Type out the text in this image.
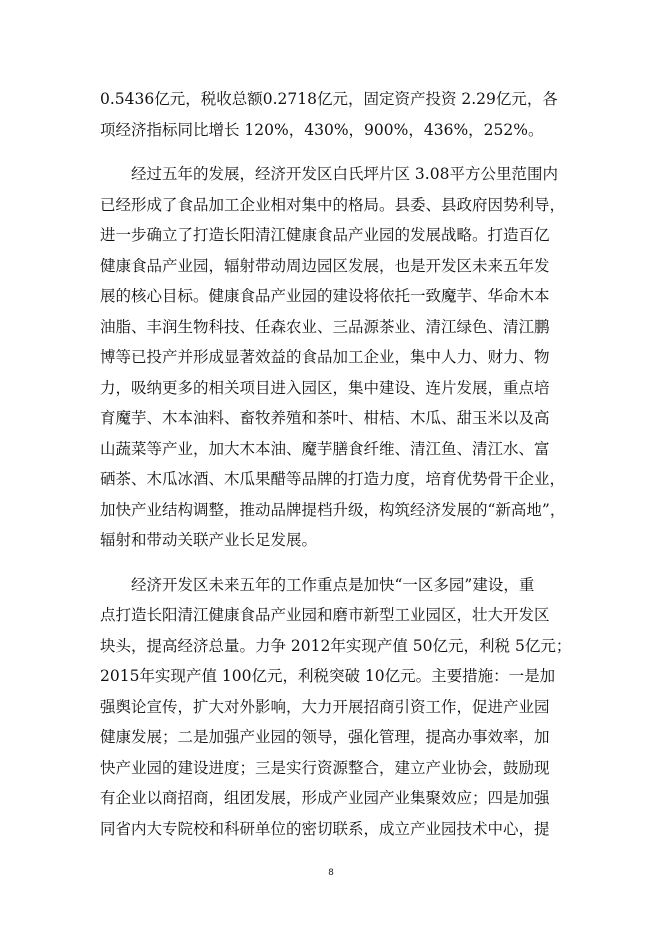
0.5436亿元，税收总额0.2718亿元，固定资产投资 2.29亿元，各
项经济指标同比增长 120%，430%，900%，436%，252%。
经过五年的发展，经济开发区白氏坪片区 3.08平方公里范围内
已经形成了食品加工企业相对集中的格局。县委、县政府因势利导，
进一步确立了打造长阳清江健康食品产业园的发展战略。打造百亿
健康食品产业园，辐射带动周边园区发展，也是开发区未来五年发
展的核心目标。健康食品产业园的建设将依托一致魔芋、华命木本
油脂、丰润生物科技、任森农业、三品源茶业、清江绿色、清江鹏
博等已投产并形成显著效益的食品加工企业，集中人力、财力、物
力，吸纳更多的相关项目进入园区，集中建设、连片发展，重点培
育魔芋、木本油料、畜牧养殖和茶叶、柑桔、木瓜、甜玉米以及高
山蔬菜等产业，加大木本油、魔芋膳食纤维、清江鱼、清江水、富
硒茶、木瓜冰酒、木瓜果醋等品牌的打造力度，培育优势骨干企业，
加快产业结构调整，推动品牌提档升级，构筑经济发展的“新高地”，
辐射和带动关联产业长足发展。
经济开发区未来五年的工作重点是加快“一区多园”建设，重
点打造长阳清江健康食品产业园和磨市新型工业园区，壮大开发区
块头，提高经济总量。力争 2012年实现产值 50亿元，利税 5亿元；
2015年实现产值 100亿元，利税突破 10亿元。主要措施：一是加
强舆论宣传，扩大对外影响，大力开展招商引资工作，促进产业园
健康发展；二是加强产业园的领导，强化管理，提高办事效率，加
快产业园的建设进度；三是实行资源整合，建立产业协会，鼓励现
有企业以商招商，组团发展，形成产业园产业集聚效应；四是加强
同省内大专院校和科研单位的密切联系，成立产业园技术中心，提
8
